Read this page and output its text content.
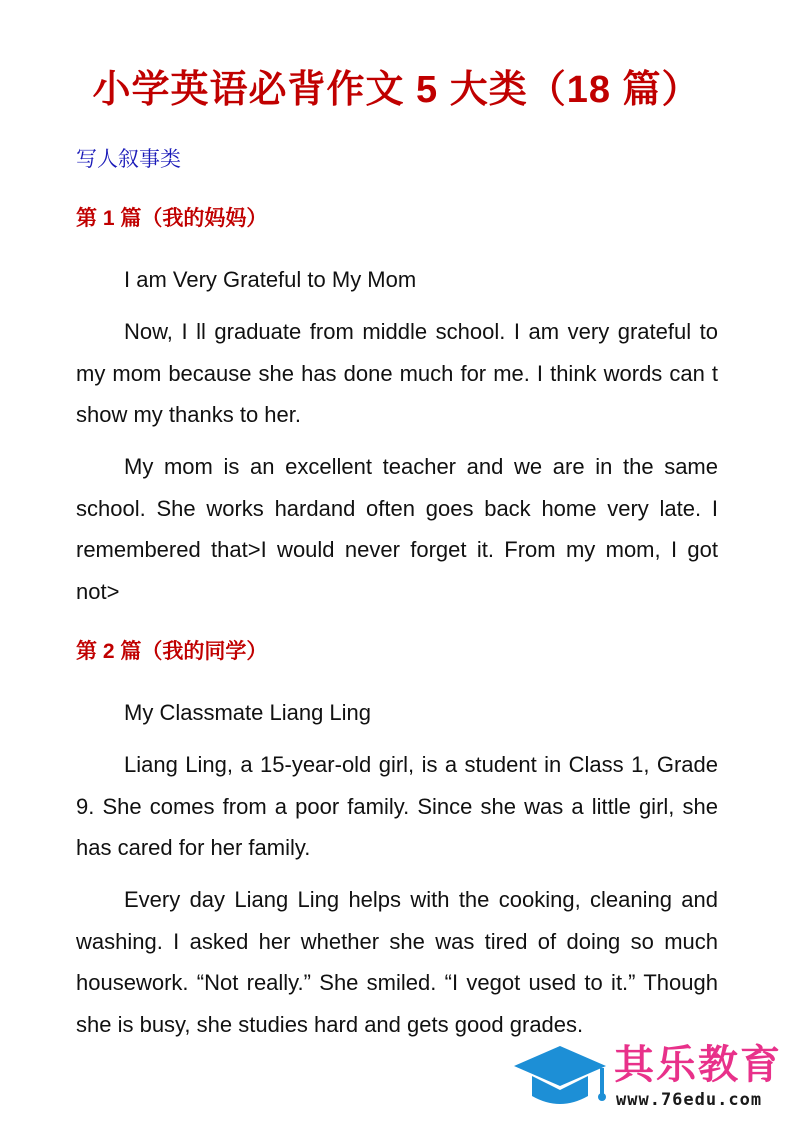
小学英语必背作文 5 大类（18 篇）
写人叙事类
第 1 篇（我的妈妈）
I am Very Grateful to My Mom

Now, I ll graduate from middle school. I am very grateful to my mom because she has done much for me. I think words can t show my thanks to her.

My mom is an excellent teacher and we are in the same school. She works hardand often goes back home very late. I remembered that>I would never forget it. From my mom, I got not>

第 2 篇（我的同学）
My Classmate Liang Ling

Liang Ling, a 15-year-old girl, is a student in Class 1, Grade 9. She comes from a poor family. Since she was a little girl, she has cared for her family.

Every day Liang Ling helps with the cooking, cleaning and washing. I asked her whether she was tired of doing so much housework. “Not really.” She smiled. “I vegot used to it.” Though she is busy, she studies hard and gets good grades.

其乐教育
www.76edu.com
